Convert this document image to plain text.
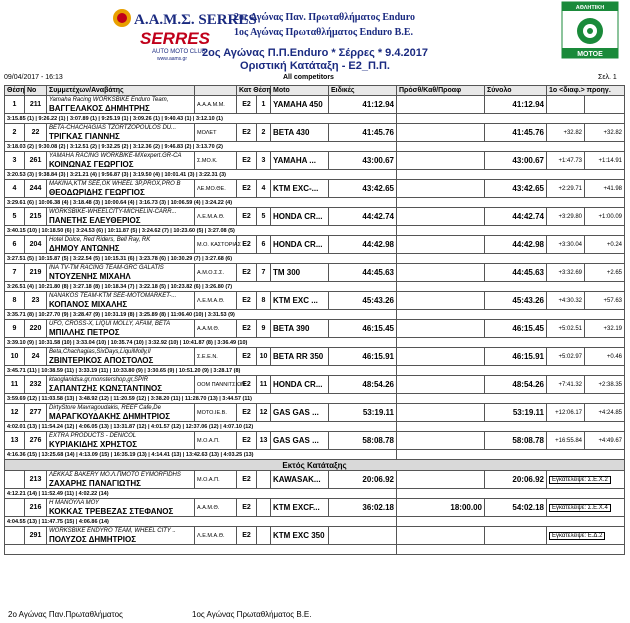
Α.Α.Μ.Σ. SERRES
SERRES
AUTO MOTO CLUB
www.aams.gr
2ος Αγώνας Παν. Πρωταθλήματος Enduro
1ος Αγώνας Πρωταθλήματος Enduro Β.Ε.
ΑΘΛΗΤΙΚΗ
ΜΟΤΟΕ
2ος Αγώνας Π.Π.Enduro * Σέρρες * 9.4.2017
Οριστική Κατάταξη - Ε2_Π.Π.
09/04/2017 - 16:13	All competitors	Σελ. 1
Θέση	Νο	Συμμετέχων/Αναβάτης		Κατ Θέση		Moto	Ειδικές	Πρόσθ/Καθ/Προαφ	Σύνολο	1ο <διαφ.> προηγ.	
1	211	Yamaha Racing WORKSBIKE Enduro Team,
ΒΑΓΓΕΛΑΚΟΣ ΔΗΜΗΤΡΗΣ	Α.Α.Α.Μ.Μ.	E2	1	YAMAHA 450	41:12.94		41:12.94		
3:15.85 (1) | 9:26.22 (1) | 3:07.89 (1) | 9:25.19 (1) | 3:09.26 (1) | 9:40.43 (1) | 3:12.10 (1)											
2	22	BETA-CHACHAGIAS TZORTZOPOULOS DU...
ΤΡΙΓΚΑΣ ΓΙΑΝΝΗΣ	ΜΟΛΕΤ	E2	2	BETA 430	41:45.76		41:45.76	+32.82	+32.82
3:18.03 (2) | 9:30.08 (2) | 3:12.51 (2) | 9:32.25 (2) | 3:12.36 (2) | 9:46.83 (2) | 3:13.70 (2)											
3	261	YAMAHA RACING WORKBIKE-MXexpert.GR-CA
ΚΟΙΝΩΝΑΣ ΓΕΩΡΓΙΟΣ	Σ.ΜΟ.Κ.	E2	3	YAMAHA ...	43:00.67		43:00.67	+1:47.73	+1:14.91
3:20.53 (3) | 9:38.84 (3) | 3:21.21 (4) | 9:56.87 (3) | 3:19.50 (4) | 10:01.41 (3) | 3:22.31 (3)											
4	244	MAKINA,KTM SEE,OK WHEEL 3P,PROX,PRO B
ΘΕΟΔΩΡΙΔΗΣ ΓΕΩΡΓΙΟΣ	ΛΕ.ΜΟ.ΘΕ.	E2	4	KTM EXC-...	43:42.65		43:42.65	+2:29.71	+41.98
3:29.61 (6) | 10:06.38 (4) | 3:18.48 (3) | 10:00.64 (4) | 3:16.73 (3) | 10:06.59 (4) | 3:24.22 (4)											
5	215	WORKSBIKE-WHEELCITY-MICHELIN-CARR...
ΠΑΝΕΤΗΣ ΕΛΕΥΘΕΡΙΟΣ	Λ.Ε.Μ.Α.Θ.	E2	5	HONDA CR...	44:42.74		44:42.74	+3:29.80	+1:00.09
3:40.15 (10) | 10:18.50 (6) | 3:24.53 (6) | 10:11.87 (5) | 3:24.62 (7) | 10:23.60 (5) | 3:27.08 (5)											
6	204	Hotel Dolce, Red Riders, Bell Ray, RK
ΔΗΜΟΥ ΑΝΤΩΝΗΣ	Μ.Ο. ΚΑΣΤΟΡΙΑΣ	E2	6	HONDA CR...	44:42.98		44:42.98	+3:30.04	+0.24
3:27.51 (5) | 10:15.87 (5) | 3:22.54 (5) | 10:15.31 (6) | 3:23.78 (6) | 10:30.29 (7) | 3:27.68 (6)											
7	219	INA TV-TM RACING TEAM-GRC GALATIS
ΝΤΟΥΖΕΝΗΣ ΜΙΧΑΗΛ	Α.Μ.Ο.Σ.Σ.	E2	7	TM 300	44:45.63		44:45.63	+3:32.69	+2.65
3:26.51 (4) | 10:21.80 (8) | 3:27.18 (8) | 10:18.34 (7) | 3:22.18 (5) | 10:23.82 (6) | 3:26.80 (7)											
8	23	NANAKOS TEAM-KTM SEE-MOTOMARKET-...
ΚΟΠΑΝΟΣ ΜΙΧΑΛΗΣ	Λ.Ε.Μ.Α.Θ.	E2	8	KTM EXC ...	45:43.26		45:43.26	+4:30.32	+57.63
3:35.71 (8) | 10:27.70 (9) | 3:28.47 (9) | 10:31.19 (8) | 3:25.89 (8) | 11:06.40 (10) | 3:31.53 (9)											
9	220	UFO, CROSS-X, LIQUI MOLLY, AFAM, BETA
ΜΠΙΛΛΗΣ ΠΕΤΡΟΣ	Α.Α.Μ.Θ.	E2	9	BETA 390	46:15.45		46:15.45	+5:02.51	+32.19
3:39.10 (9) | 10:31.58 (10) | 3:33.04 (10) | 10:35.74 (10) | 3:32.92 (10) | 10:41.87 (8) | 3:36.49 (10)											
10	24	Beta,Chachagias,SixDays,LiquiMolly,ll
ΖΒΙΝΤΕΡΙΚΟΣ ΑΠΟΣΤΟΛΟΣ	Σ.Ε.Ε.Ν.	E2	10	BETA RR 350	46:15.91		46:15.91	+5:02.97	+0.46
3:45.71 (11) | 10:38.59 (11) | 3:33.19 (11) | 10:33.80 (9) | 3:30.65 (9) | 10:51.20 (9) | 3:28.17 (8)											
11	232	ktaoglanidsa.gr,monstershop,gr,SPIR
ΣΑΠΑΝΤΖΗΣ ΚΩΝΣΤΑΝΤΙΝΟΣ	ΟΟΜ ΠΑΝΝΙΤΣΙΩΝ	E2	11	HONDA CR...	48:54.26		48:54.26	+7:41.32	+2:38.35
3:59.69 (12) | 11:03.58 (13) | 3:48.92 (12) | 11:20.59 (12) | 3:38.20 (11) | 11:28.70 (13) | 3:44.57 (11)											
12	277	DirtyStore Mavragoudakis, REEF Cafe,De
ΜΑΡΑΓΚΟΥΔΑΚΗΣ ΔΗΜΗΤΡΙΟΣ	ΜΟΤΟ.ΙΕ.Β.	E2	12	GAS GAS ...	53:19.11		53:19.11	+12:06.17	+4:24.85
4:02.01 (13) | 11:54.24 (12) | 4:06.05 (13) | 13:31.87 (12) | 4:01.57 (12) | 12:37.06 (12) | 4:07.10 (12)											
13	276	EXTRA PRODUCTS - DENICOL
ΚΥΡΙΑΚΙΔΗΣ ΧΡΗΣΤΟΣ	Μ.Ο.Α.Π.	E2	13	GAS GAS ...	58:08.78		58:08.78	+16:55.84	+4:49.67
4:16.36 (15) | 13:25.68 (14) | 4:13.09 (15) | 16:35.19 (13) | 4:14.41 (13) | 13:42.63 (13) | 4:03.25 (13)											
Εκτός Κατάταξης											
	213	ΛΕΚΚΑΣ BAKERY ΜΟ.Λ.ΠΜΟΤΟ EYMORFIDHS
ΖΑΧΑΡΗΣ ΠΑΝΑΓΙΩΤΗΣ	Μ.Ο.Α.Π.	E2		KAWASAK...	20:06.92		20:06.92	Εγκατέλειψε: Σ.Ε.Χ.2	
4:12.21 (14) | 11:52.49 (11) | 4:02.22 (14)											
	216	Η ΜΑΝΟΥΛΑ ΜΟΥ
ΚΟΚΚΑΣ ΤΡΕΒΕΖΑΣ ΣΤΕΦΑΝΟΣ	Α.Α.Μ.Θ.	E2		KTM EXCF...	36:02.18	18:00.00	54:02.18	Εγκατέλειψε: Σ.Ε.Χ.4	
4:04.55 (13) | 11:47.75 (15) | 4:06.86 (14)											
	291	WORKSBIKE ENDYRO TEAM, WHEEL CITY ..
ΠΟΛΥΖΟΣ ΔΗΜΗΤΡΙΟΣ	Λ.Ε.Μ.Α.Θ.	E2		KTM EXC 350				Εγκατέλειψε: Ε.Δ.2	

2ο Αγώνας Παν.Πρωταθλήματος	1ος Αγώνας Πρωταθλήματος Β.Ε.
